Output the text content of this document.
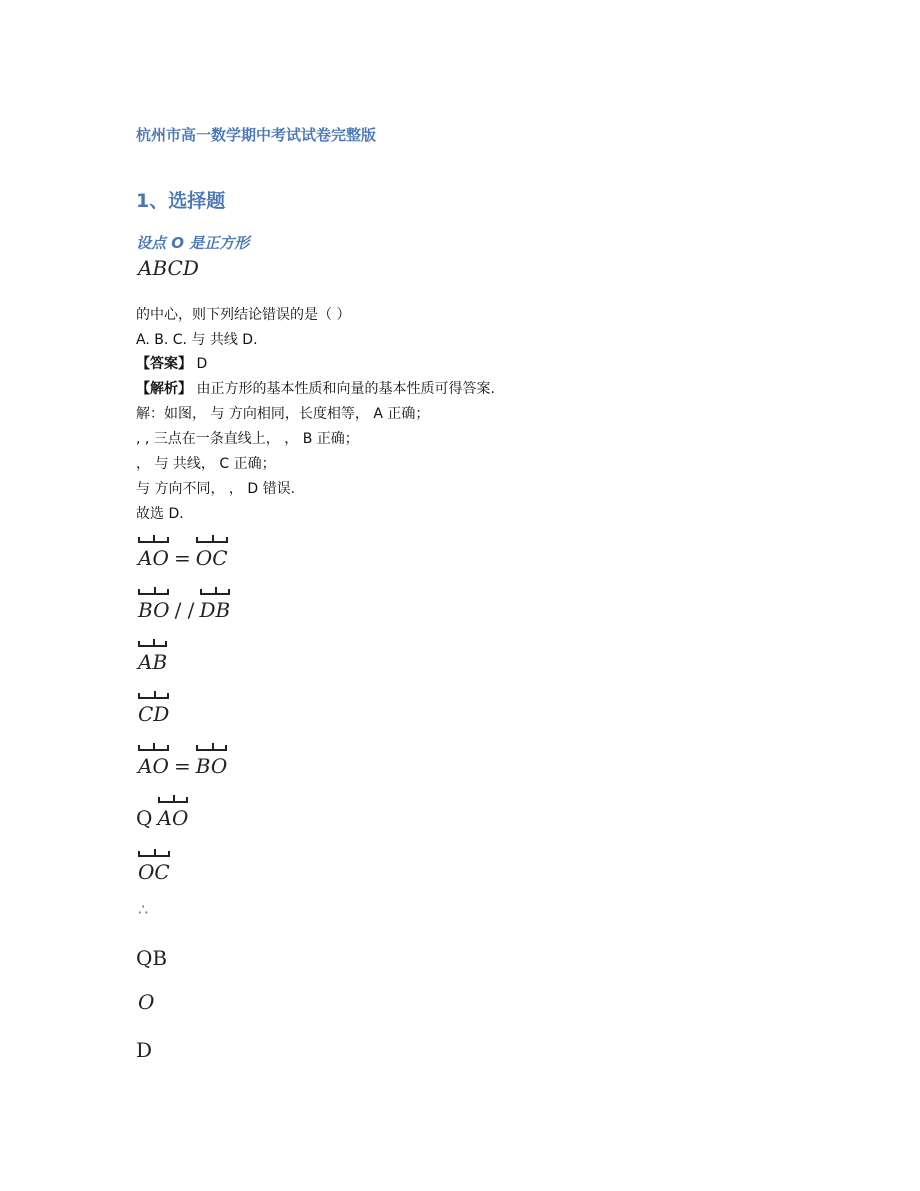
杭州市高一数学期中考试试卷完整版
1、选择题
设点 O 是正方形
ABCD
的中心，则下列结论错误的是（ ）
A. B. C. 与 共线 D.
【答案】 D
【解析】 由正方形的基本性质和向量的基本性质可得答案.
解：如图， 与 方向相同，长度相等， A 正确；
, , 三点在一条直线上， ， B 正确；
， 与 共线， C 正确；
与 方向不同， ， D 错误.
故选 D.
AO = OC
BO / / DB
AB
CD
AO = BO
Q AO
OC
∴
QB
O
D
